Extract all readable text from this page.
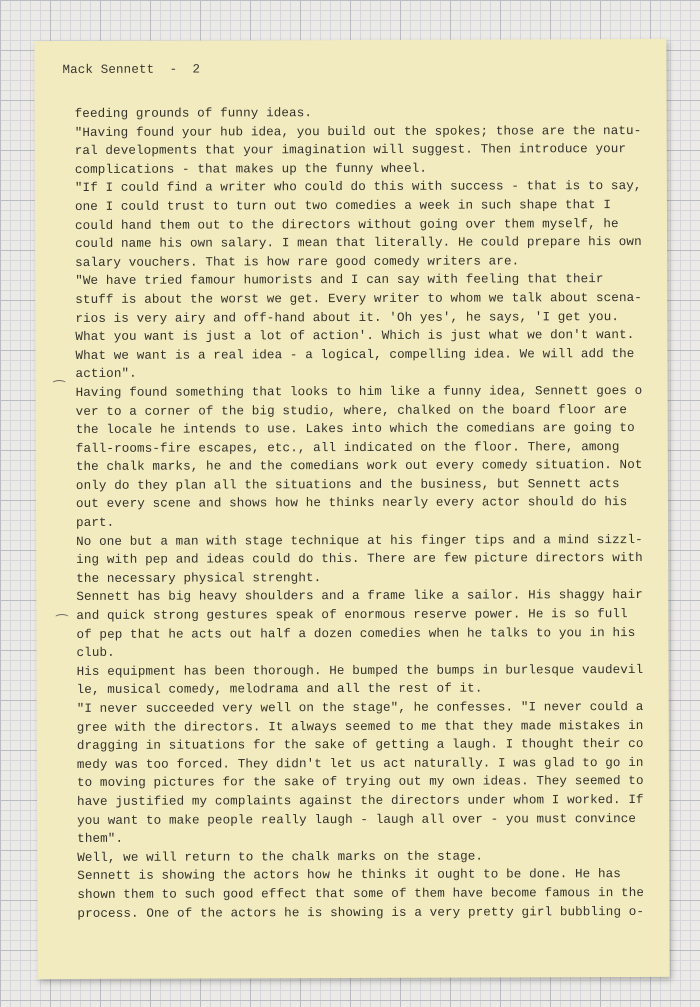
Mack Sennett  -  2
feeding grounds of funny ideas.
"Having found your hub idea, you build out the spokes; those are the natu-
ral developments that your imagination will suggest. Then introduce your
complications - that makes up the funny wheel.
"If I could find a writer who could do this with success - that is to say,
one I could trust to turn out two comedies a week in such shape that I
could hand them out to the directors without going over them myself, he
could name his own salary. I mean that literally. He could prepare his own
salary vouchers. That is how rare good comedy writers are.
"We have tried famour humorists and I can say with feeling that their
stuff is about the worst we get. Every writer to whom we talk about scena-
rios is very airy and off-hand about it. 'Oh yes', he says, 'I get you.
What you want is just a lot of action'. Which is just what we don't want.
What we want is a real idea - a logical, compelling idea. We will add the
action".
Having found something that looks to him like a funny idea, Sennett goes o
ver to a corner of the big studio, where, chalked on the board floor are
the locale he intends to use. Lakes into which the comedians are going to
fall-rooms-fire escapes, etc., all indicated on the floor. There, among
the chalk marks, he and the comedians work out every comedy situation. Not
only do they plan all the situations and the business, but Sennett acts
out every scene and shows how he thinks nearly every actor should do his
part.
No one but a man with stage technique at his finger tips and a mind sizzl-
ing with pep and ideas could do this. There are few picture directors with
the necessary physical strenght.
Sennett has big heavy shoulders and a frame like a sailor. His shaggy hair
and quick strong gestures speak of enormous reserve power. He is so full
of pep that he acts out half a dozen comedies when he talks to you in his
club.
His equipment has been thorough. He bumped the bumps in burlesque vaudevil
le, musical comedy, melodrama and all the rest of it.
"I never succeeded very well on the stage", he confesses. "I never could a
gree with the directors. It always seemed to me that they made mistakes in
dragging in situations for the sake of getting a laugh. I thought their co
medy was too forced. They didn't let us act naturally. I was glad to go in
to moving pictures for the sake of trying out my own ideas. They seemed to
have justified my complaints against the directors under whom I worked. If
you want to make people really laugh - laugh all over - you must convince
them".
Well, we will return to the chalk marks on the stage.
Sennett is showing the actors how he thinks it ought to be done. He has
shown them to such good effect that some of them have become famous in the
process. One of the actors he is showing is a very pretty girl bubbling o-
⁀
⁀
